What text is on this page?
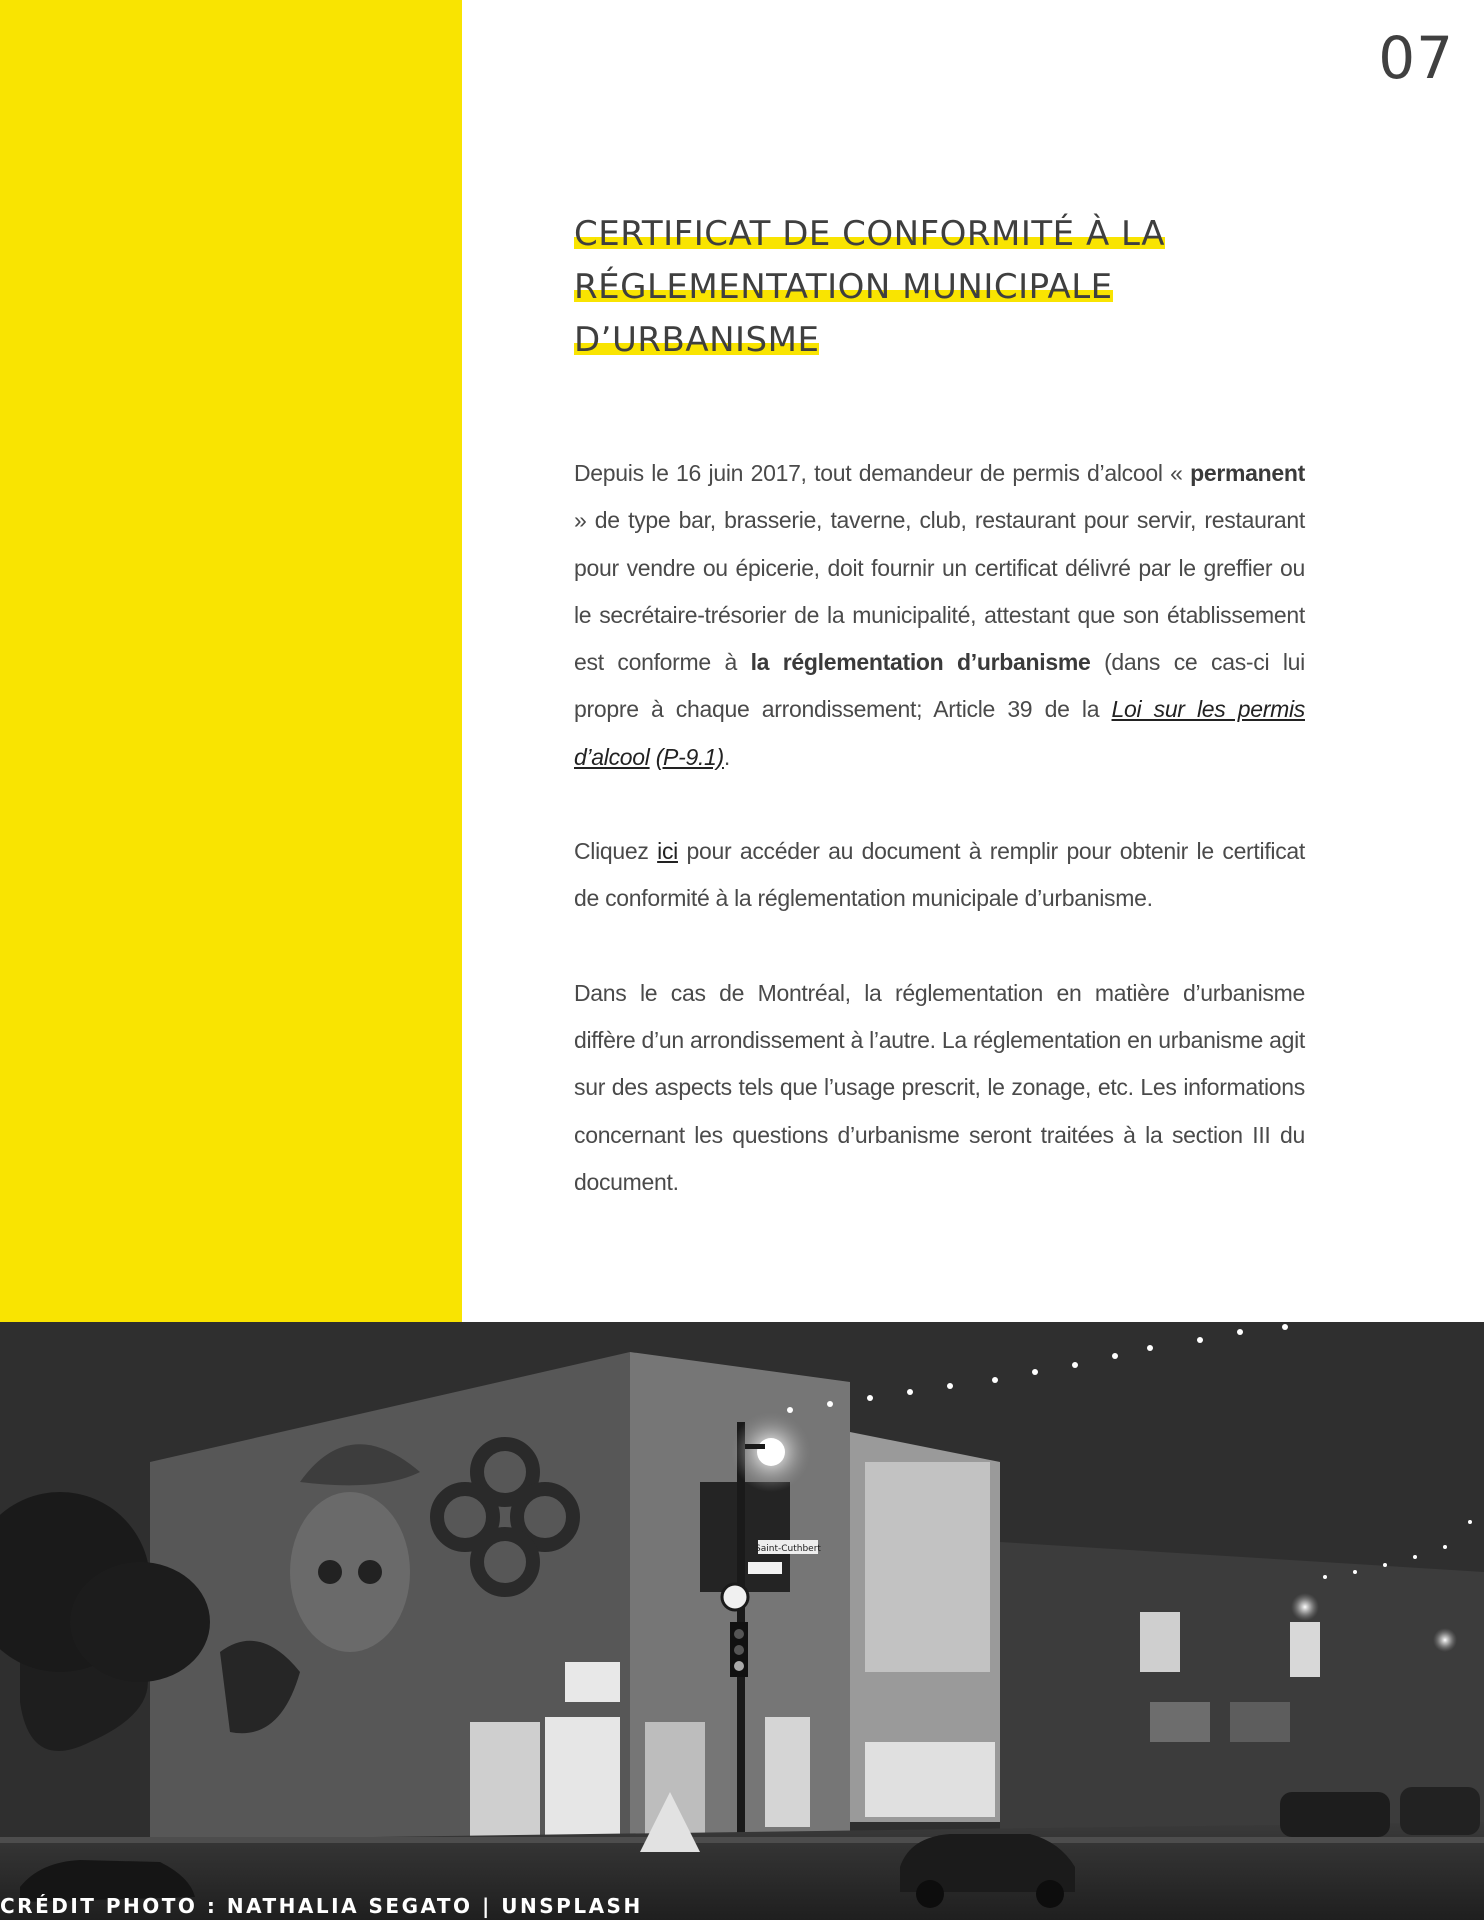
07
CERTIFICAT DE CONFORMITÉ À LA
RÉGLEMENTATION MUNICIPALE
D’URBANISME

Depuis le 16 juin 2017, tout demandeur de permis d’alcool « permanent » de type bar, brasserie, taverne, club, restaurant pour servir, restaurant pour vendre ou épicerie, doit fournir un certificat délivré par le greffier ou le secrétaire-trésorier de la municipalité, attestant que son établissement est conforme à la réglementation d’urbanisme (dans ce cas-ci lui propre à chaque arrondissement; Article 39 de la Loi sur les permis d’alcool (P-9.1).

Cliquez ici pour accéder au document à remplir pour obtenir le certificat de conformité à la réglementation municipale d’urbanisme.

Dans le cas de Montréal, la réglementation en matière d’urbanisme diffère d’un arrondissement à l’autre. La réglementation en urbanisme agit sur des aspects tels que l’usage prescrit, le zonage, etc. Les informations concernant les questions d’urbanisme seront traitées à la section III du document.

Saint-Cuthbert
CRÉDIT PHOTO : NATHALIA SEGATO | UNSPLASH
